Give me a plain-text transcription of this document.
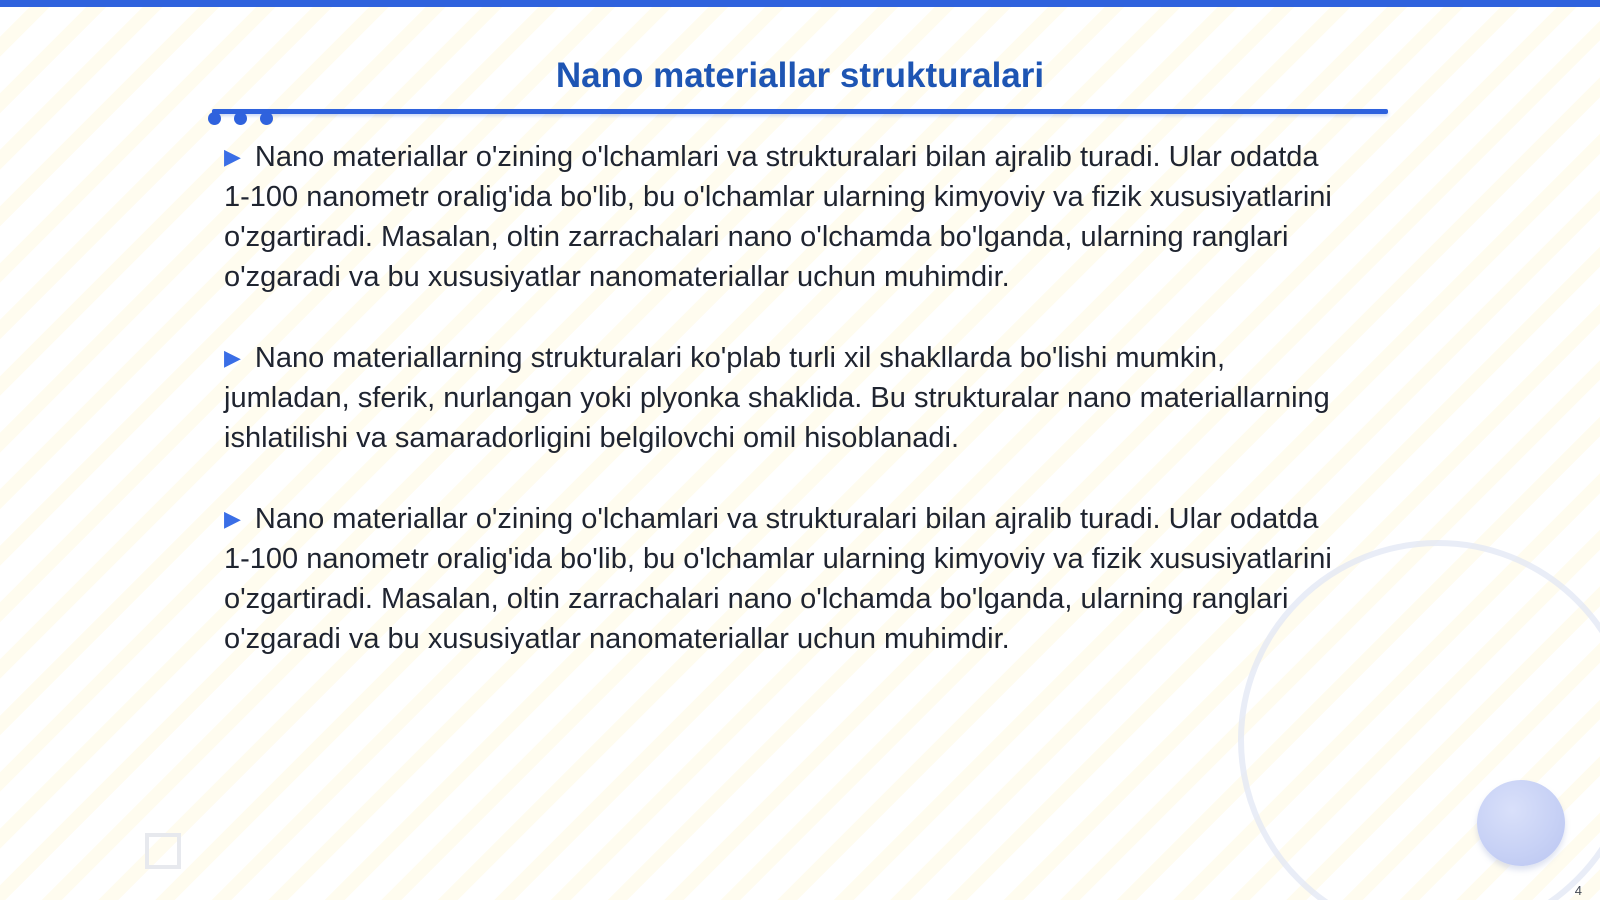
Nano materiallar strukturalari

▶ Nano materiallar o'zining o'lchamlari va strukturalari bilan ajralib turadi. Ular odatda 1-100 nanometr oralig'ida bo'lib, bu o'lchamlar ularning kimyoviy va fizik xususiyatlarini o'zgartiradi. Masalan, oltin zarrachalari nano o'lchamda bo'lganda, ularning ranglari o'zgaradi va bu xususiyatlar nanomateriallar uchun muhimdir.

▶ Nano materiallarning strukturalari ko'plab turli xil shakllarda bo'lishi mumkin, jumladan, sferik, nurlangan yoki plyonka shaklida. Bu strukturalar nano materiallarning ishlatilishi va samaradorligini belgilovchi omil hisoblanadi.

▶ Nano materiallar o'zining o'lchamlari va strukturalari bilan ajralib turadi. Ular odatda 1-100 nanometr oralig'ida bo'lib, bu o'lchamlar ularning kimyoviy va fizik xususiyatlarini o'zgartiradi. Masalan, oltin zarrachalari nano o'lchamda bo'lganda, ularning ranglari o'zgaradi va bu xususiyatlar nanomateriallar uchun muhimdir.

4
